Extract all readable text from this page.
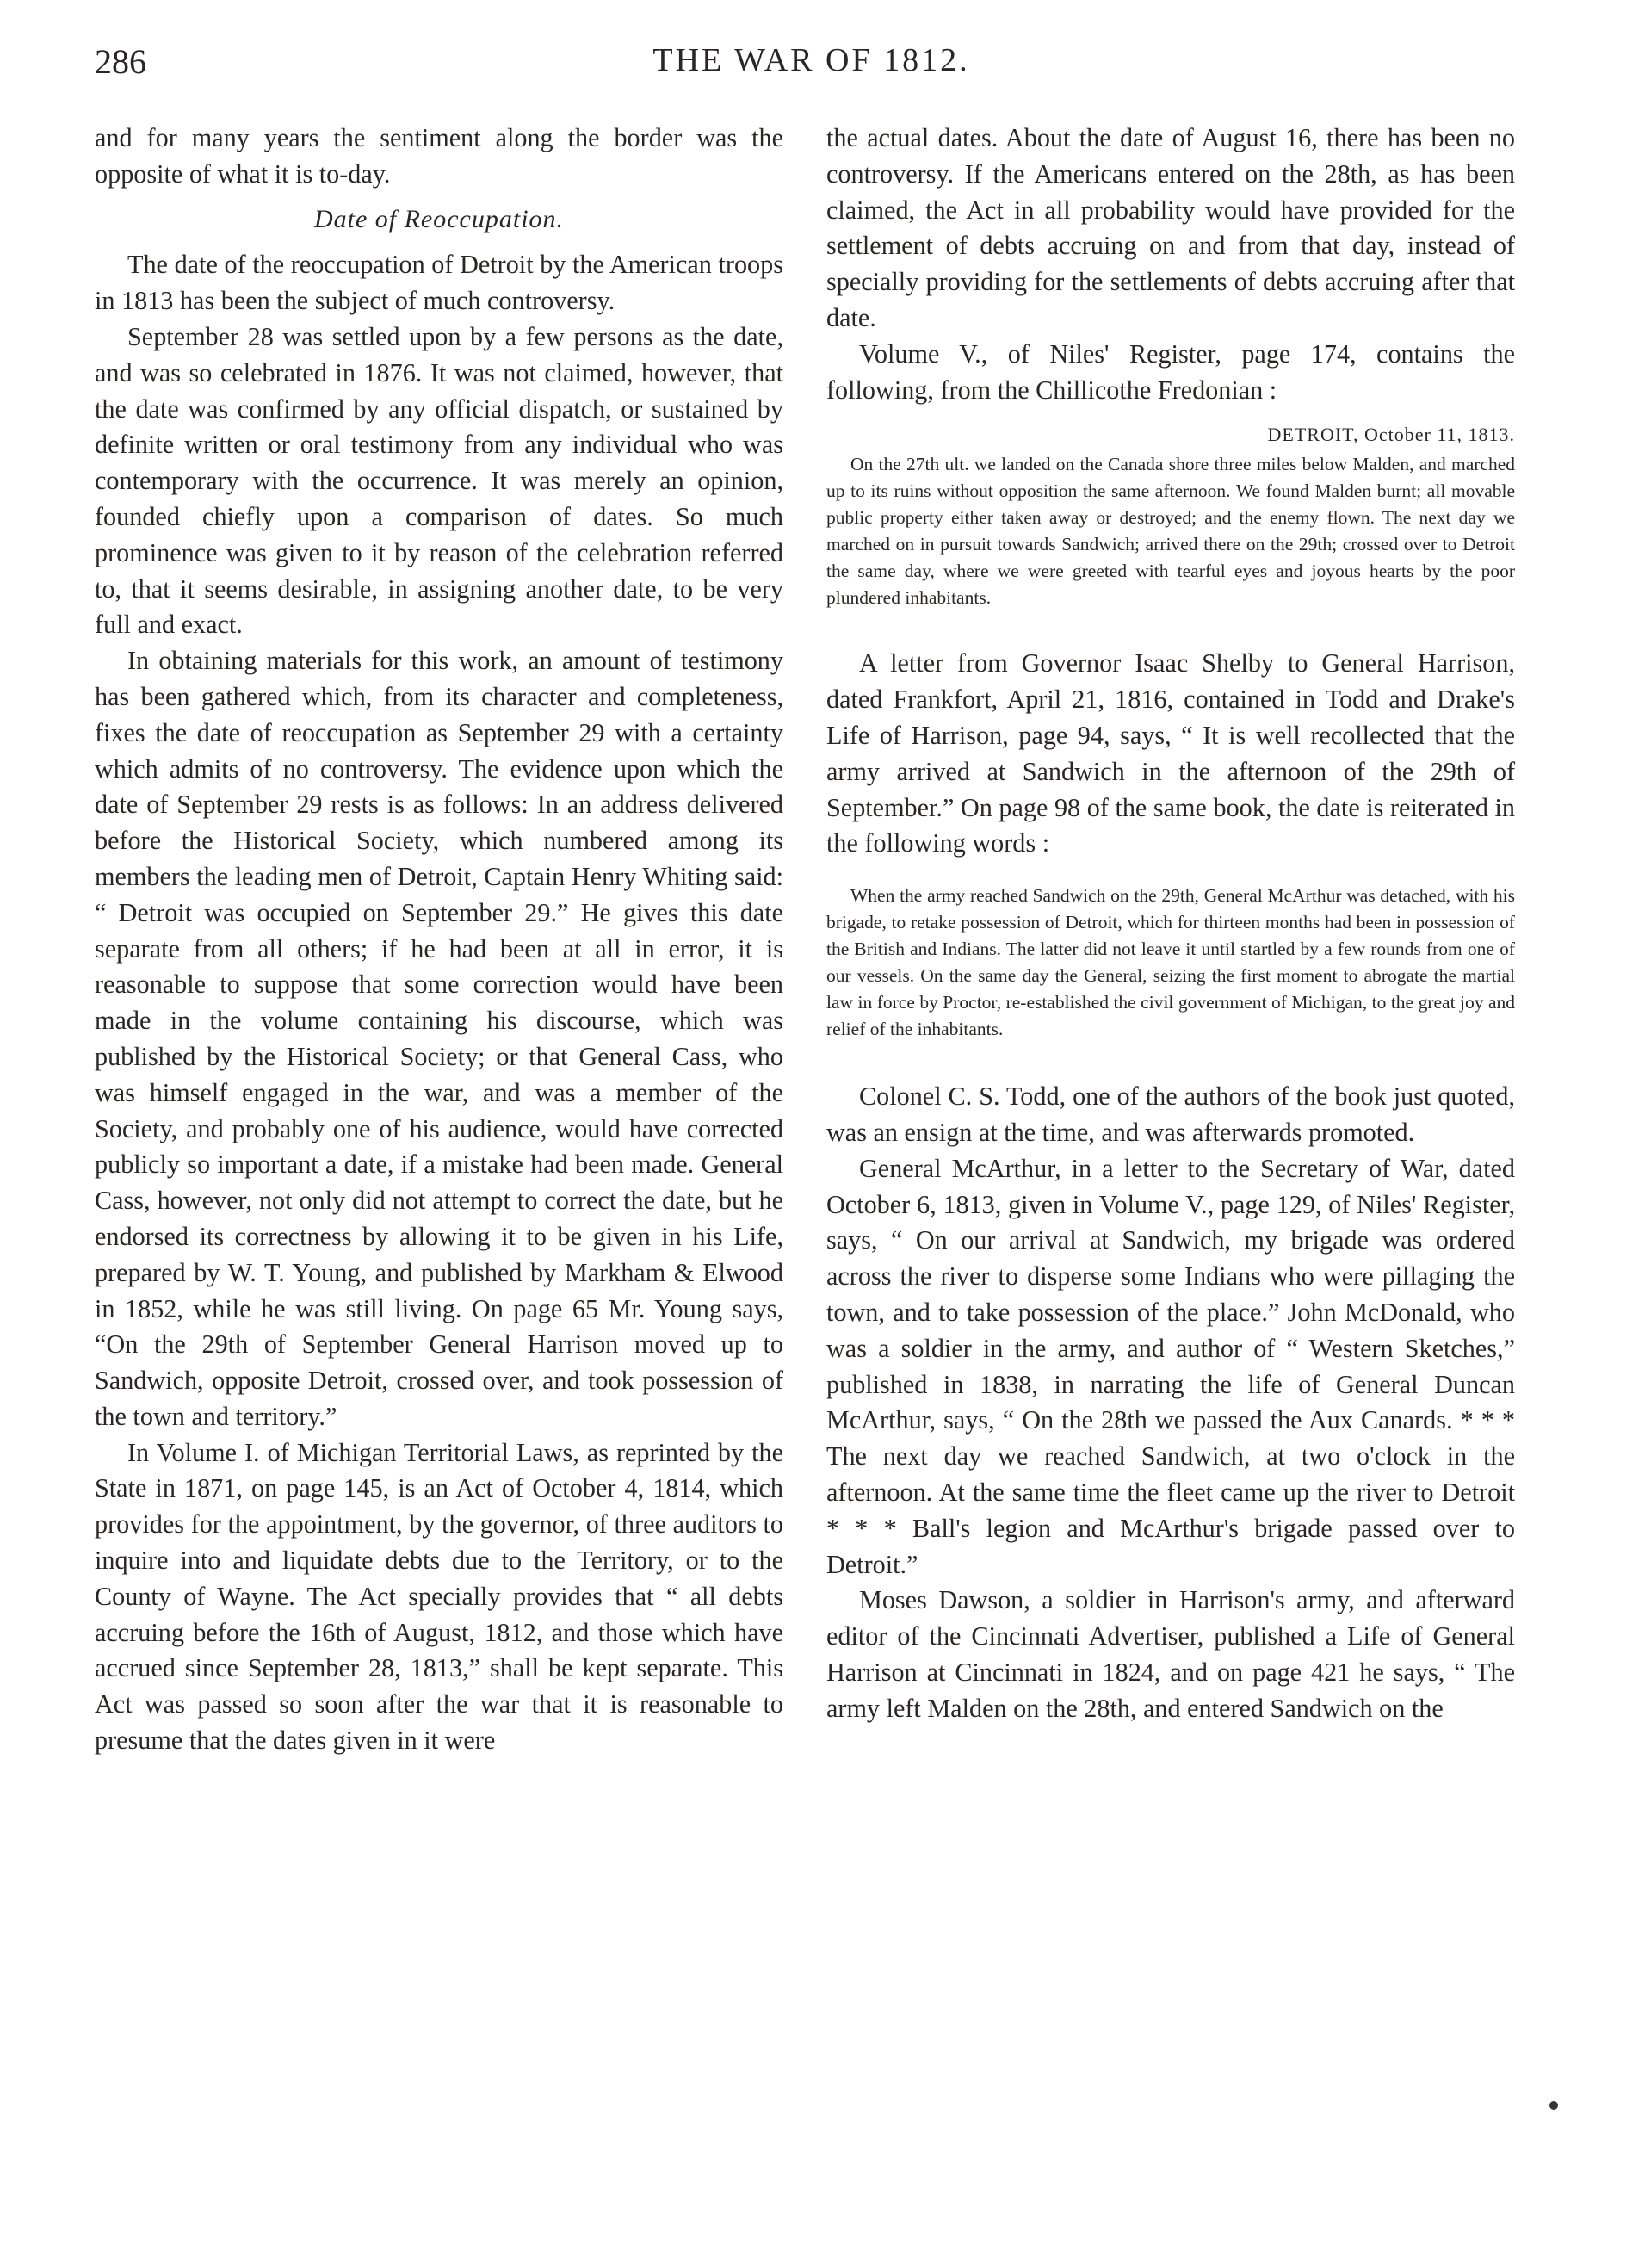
286	THE WAR OF 1812.

and for many years the sentiment along the border was the opposite of what it is to-day.

Date of Reoccupation.

The date of the reoccupation of Detroit by the American troops in 1813 has been the subject of much controversy.

September 28 was settled upon by a few persons as the date, and was so celebrated in 1876. It was not claimed, however, that the date was confirmed by any official dispatch, or sustained by definite written or oral testimony from any individual who was contemporary with the occurrence. It was merely an opinion, founded chiefly upon a comparison of dates. So much prominence was given to it by reason of the celebration referred to, that it seems desirable, in assigning another date, to be very full and exact.

In obtaining materials for this work, an amount of testimony has been gathered which, from its character and completeness, fixes the date of reoccupation as September 29 with a certainty which admits of no controversy. The evidence upon which the date of September 29 rests is as follows: In an address delivered before the Historical Society, which numbered among its members the leading men of Detroit, Captain Henry Whiting said: “ Detroit was occupied on September 29.” He gives this date separate from all others; if he had been at all in error, it is reasonable to suppose that some correction would have been made in the volume containing his discourse, which was published by the Historical Society; or that General Cass, who was himself engaged in the war, and was a member of the Society, and probably one of his audience, would have corrected publicly so important a date, if a mistake had been made. General Cass, however, not only did not attempt to correct the date, but he endorsed its correctness by allowing it to be given in his Life, prepared by W. T. Young, and published by Markham & Elwood in 1852, while he was still living. On page 65 Mr. Young says, “On the 29th of September General Harrison moved up to Sandwich, opposite Detroit, crossed over, and took possession of the town and territory.”

In Volume I. of Michigan Territorial Laws, as reprinted by the State in 1871, on page 145, is an Act of October 4, 1814, which provides for the appointment, by the governor, of three auditors to inquire into and liquidate debts due to the Territory, or to the County of Wayne. The Act specially provides that “ all debts accruing before the 16th of August, 1812, and those which have accrued since September 28, 1813,” shall be kept separate. This Act was passed so soon after the war that it is reasonable to presume that the dates given in it were

the actual dates. About the date of August 16, there has been no controversy. If the Americans entered on the 28th, as has been claimed, the Act in all probability would have provided for the settlement of debts accruing on and from that day, instead of specially providing for the settlements of debts accruing after that date.

Volume V., of Niles' Register, page 174, contains the following, from the Chillicothe Fredonian :

DETROIT, October 11, 1813.

On the 27th ult. we landed on the Canada shore three miles below Malden, and marched up to its ruins without opposition the same afternoon. We found Malden burnt; all movable public property either taken away or destroyed; and the enemy flown. The next day we marched on in pursuit towards Sandwich; arrived there on the 29th; crossed over to Detroit the same day, where we were greeted with tearful eyes and joyous hearts by the poor plundered inhabitants.

A letter from Governor Isaac Shelby to General Harrison, dated Frankfort, April 21, 1816, contained in Todd and Drake's Life of Harrison, page 94, says, “ It is well recollected that the army arrived at Sandwich in the afternoon of the 29th of September.” On page 98 of the same book, the date is reiterated in the following words :

When the army reached Sandwich on the 29th, General McArthur was detached, with his brigade, to retake possession of Detroit, which for thirteen months had been in possession of the British and Indians. The latter did not leave it until startled by a few rounds from one of our vessels. On the same day the General, seizing the first moment to abrogate the martial law in force by Proctor, re-established the civil government of Michigan, to the great joy and relief of the inhabitants.

Colonel C. S. Todd, one of the authors of the book just quoted, was an ensign at the time, and was afterwards promoted.

General McArthur, in a letter to the Secretary of War, dated October 6, 1813, given in Volume V., page 129, of Niles' Register, says, “ On our arrival at Sandwich, my brigade was ordered across the river to disperse some Indians who were pillaging the town, and to take possession of the place.” John McDonald, who was a soldier in the army, and author of “ Western Sketches,” published in 1838, in narrating the life of General Duncan McArthur, says, “ On the 28th we passed the Aux Canards. * * * The next day we reached Sandwich, at two o'clock in the afternoon. At the same time the fleet came up the river to Detroit * * * Ball's legion and McArthur's brigade passed over to Detroit.”

Moses Dawson, a soldier in Harrison's army, and afterward editor of the Cincinnati Advertiser, published a Life of General Harrison at Cincinnati in 1824, and on page 421 he says, “ The army left Malden on the 28th, and entered Sandwich on the
